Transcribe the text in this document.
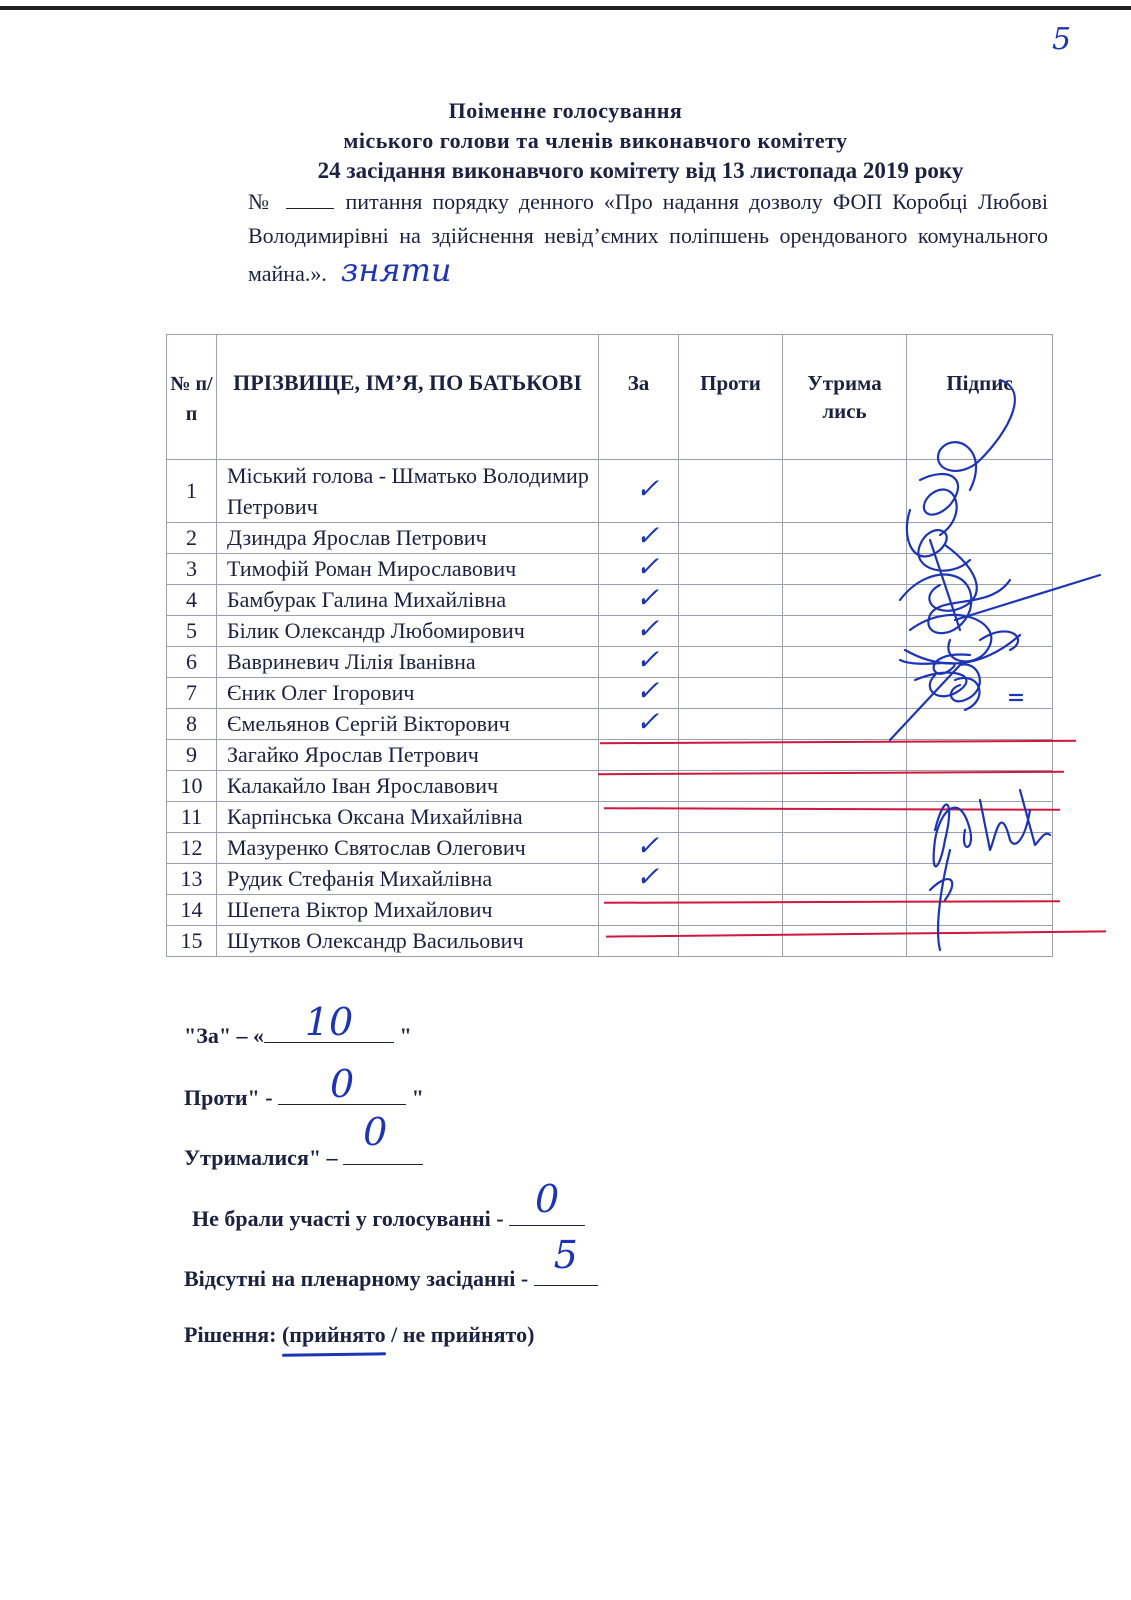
5
Поіменне голосування
міського голови та членів виконавчого комітету
24 засідання виконавчого комітету від 13 листопада 2019 року
№	питання порядку денного «Про надання дозволу ФОП Коробці Любові Володимирівні на здійснення невід’ємних поліпшень орендованого комунального майна.». зняти
№ п/п	ПРІЗВИЩЕ, ІМ’Я, ПО БАТЬКОВІ	За	Проти	Утрима лись	Підпис
1	Міський голова - Шматько Володимир Петрович	✓			
2	Дзиндра Ярослав Петрович	✓			
3	Тимофій Роман Мирославович	✓			
4	Бамбурак Галина Михайлівна	✓			
5	Білик Олександр Любомирович	✓			
6	Вавриневич Лілія Іванівна	✓			
7	Єник Олег Ігорович	✓			
8	Ємельянов Сергій Вікторович	✓			
9	Загайко Ярослав Петрович				
10	Калакайло Іван Ярославович				
11	Карпінська Оксана Михайлівна				
12	Мазуренко Святослав Олегович	✓			
13	Рудик Стефанія Михайлівна	✓			
14	Шепета Віктор Михайлович				
15	Шутков Олександр Васильович				
"За" – «	10	"
Проти" -	0	"
Утрималися" –
0
Не брали участі у голосуванні - 0
Відсутні на пленарному засіданні -
5
Рішення: (прийнято / не прийнято)
